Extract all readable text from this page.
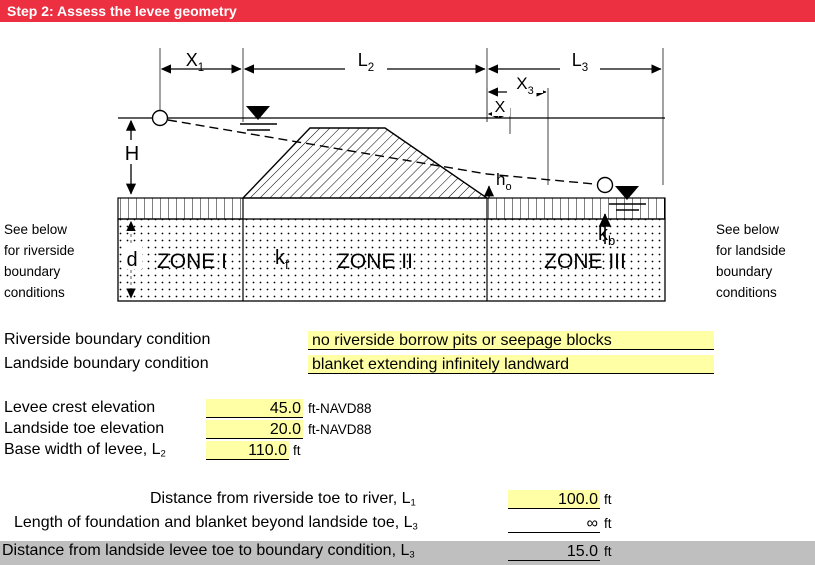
Step 2: Assess the levee geometry
$X_1$	$L_2$	$L_3$
$X_3$
X
H
$h_o$
d ZONE I	ZONE II	ZONE III
$k_f$
$k_b$
See below
for riverside
boundary
conditions
See below
for landside
boundary
conditions
Riverside boundary condition	no riverside borrow pits or seepage blocks
Landside boundary condition	blanket extending infinitely landward
Levee crest elevation	45.0 ft-NAVD88
Landside toe elevation	20.0 ft-NAVD88
Base width of levee, $L_2$	110.0 ft
Distance from riverside toe to river, $L_1$	100.0 ft
Length of foundation and blanket beyond landside toe, $L_3$	∞ ft
Distance from landside levee toe to boundary condition, $L_3$	15.0 ft
